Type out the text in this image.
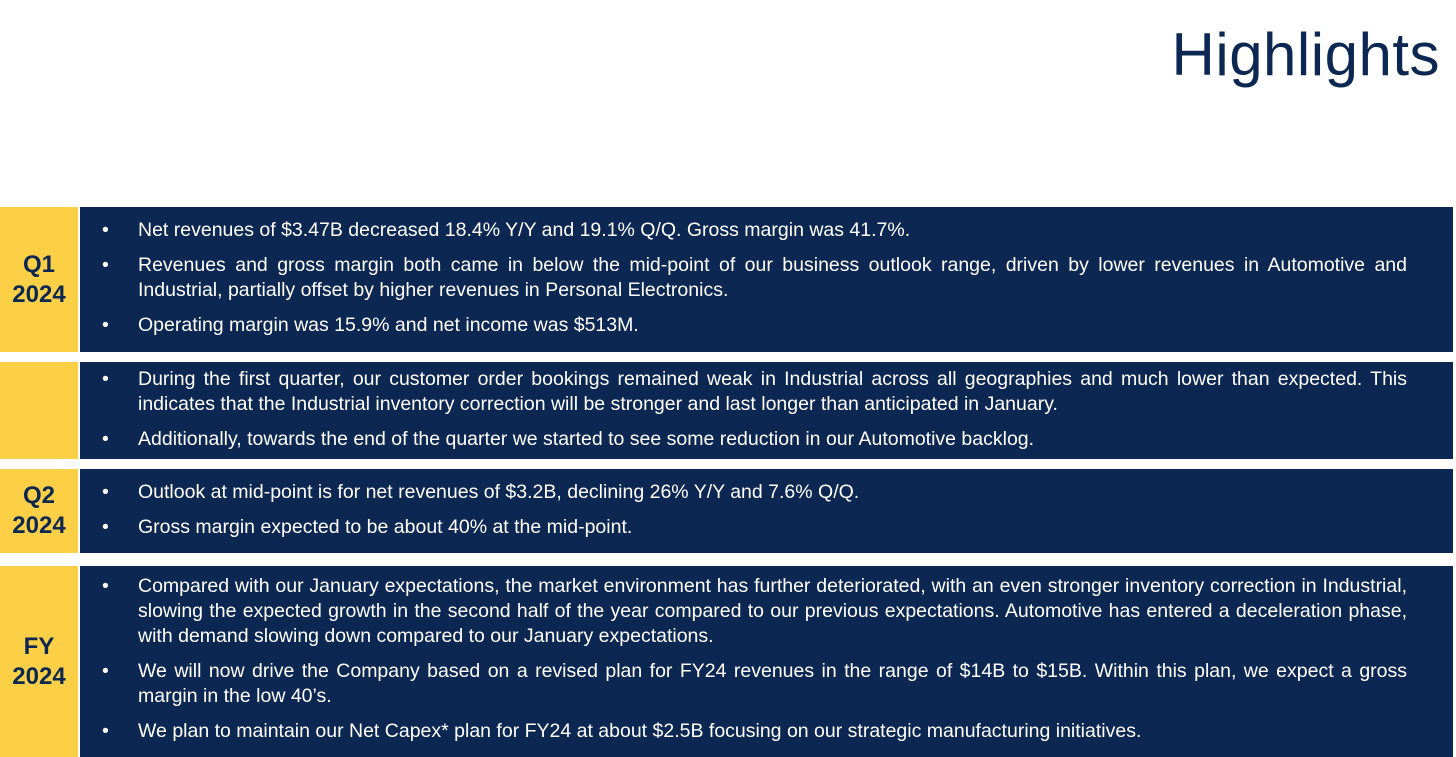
Highlights
Q1
2024
• Net revenues of $3.47B decreased 18.4% Y/Y and 19.1% Q/Q. Gross margin was 41.7%.
• Revenues and gross margin both came in below the mid-point of our business outlook range, driven by lower revenues in Automotive and Industrial, partially offset by higher revenues in Personal Electronics.
• Operating margin was 15.9% and net income was $513M.
• During the first quarter, our customer order bookings remained weak in Industrial across all geographies and much lower than expected. This indicates that the Industrial inventory correction will be stronger and last longer than anticipated in January.
• Additionally, towards the end of the quarter we started to see some reduction in our Automotive backlog.
Q2
2024
• Outlook at mid-point is for net revenues of $3.2B, declining 26% Y/Y and 7.6% Q/Q.
• Gross margin expected to be about 40% at the mid-point.
FY
2024
• Compared with our January expectations, the market environment has further deteriorated, with an even stronger inventory correction in Industrial, slowing the expected growth in the second half of the year compared to our previous expectations. Automotive has entered a deceleration phase, with demand slowing down compared to our January expectations.
• We will now drive the Company based on a revised plan for FY24 revenues in the range of $14B to $15B. Within this plan, we expect a gross margin in the low 40’s.
• We plan to maintain our Net Capex* plan for FY24 at about $2.5B focusing on our strategic manufacturing initiatives.
